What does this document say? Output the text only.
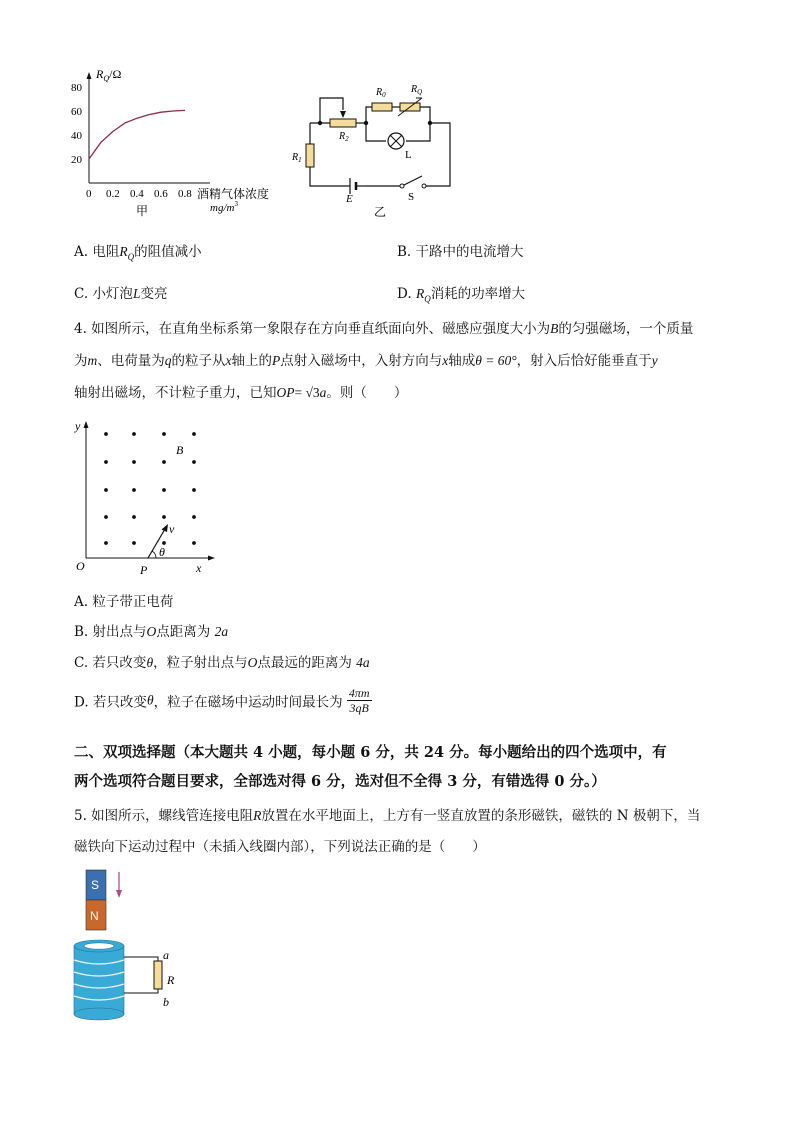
$R_Q/\Omega$
80
60
40
20
0 0.2 0.4 0.6 0.8 酒精气体浓度
$mg/m^3$
甲
$R_2$
$R_0$	$R_Q$
L
$R_1$
E	S
乙
A. 电阻$R_Q$的阻值减小	B. 干路中的电流增大
C. 小灯泡L变亮	D. $R_Q$消耗的功率增大
4. 如图所示，在直角坐标系第一象限存在方向垂直纸面向外、磁感应强度大小为B的匀强磁场，一个质量
为m、电荷量为q的粒子从x轴上的P点射入磁场中，入射方向与x轴成θ = 60°，射入后恰好能垂直于y
轴射出磁场，不计粒子重力，已知OP= √3a。则（　　）
y
x
O	P
B
v
θ
A. 粒子带正电荷
B. 射出点与O点距离为 2a
C. 若只改变θ，粒子射出点与O点最远的距离为 4a
D. 若只改变θ，粒子在磁场中运动时间最长为 $\frac{4\pi m}{3qB}$
二、双项选择题（本大题共 4 小题，每小题 6 分，共 24 分。每小题给出的四个选项中，有
两个选项符合题目要求，全部选对得 6 分，选对但不全得 3 分，有错选得 0 分。）
5. 如图所示，螺线管连接电阻R放置在水平地面上，上方有一竖直放置的条形磁铁，磁铁的 N 极朝下，当
磁铁向下运动过程中（未插入线圈内部），下列说法正确的是（　　）
S
N
a
R
b
